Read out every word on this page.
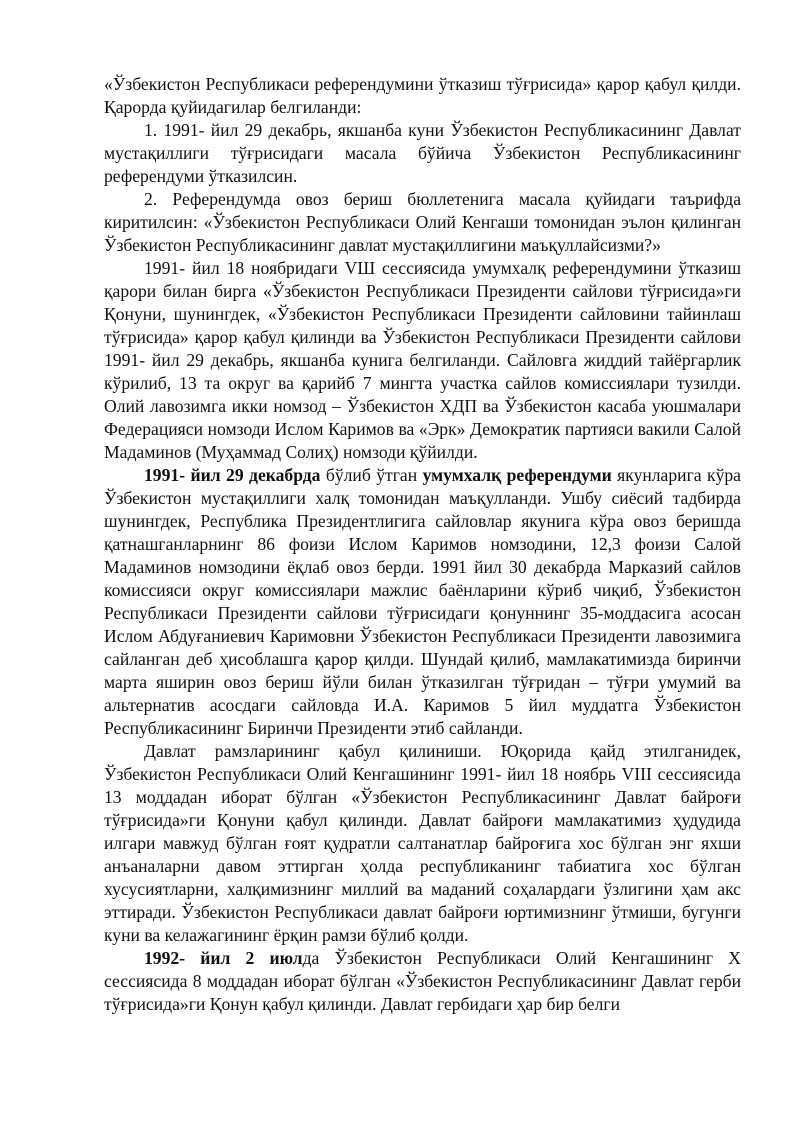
«Ўзбекистон Республикаси референдумини ўтказиш тўғрисида» қарор қабул қилди. Қарорда қуйидагилар белгиланди:

1. 1991- йил 29 декабрь, якшанба куни Ўзбекистон Республикасининг Давлат мустақиллиги тўғрисидаги масала бўйича Ўзбекистон Республикасининг референдуми ўтказилсин.

2. Референдумда овоз бериш бюллетенига масала қуйидаги таърифда киритилсин: «Ўзбекистон Республикаси Олий Кенгаши томонидан эълон қилинган Ўзбекистон Республикасининг давлат мустақиллигини маъқуллайсизми?»

1991- йил 18 ноябридаги VШ сессиясида умумхалқ референдумини ўтказиш қарори билан бирга «Ўзбекистон Республикаси Президенти сайлови тўғрисида»ги Қонуни, шунингдек, «Ўзбекистон Республикаси Президенти сайловини тайинлаш тўғрисида» қарор қабул қилинди ва Ўзбекистон Республикаси Президенти сайлови 1991- йил 29 декабрь, якшанба кунига белгиланди. Сайловга жиддий тайёргарлик кўрилиб, 13 та округ ва қарийб 7 мингта участка сайлов комиссиялари тузилди. Олий лавозимга икки номзод – Ўзбекистон ХДП ва Ўзбекистон касаба уюшмалари Федерацияси номзоди Ислом Каримов ва «Эрк» Демократик партияси вакили Салой Мадаминов (Муҳаммад Солиҳ) номзоди қўйилди.

1991- йил 29 декабрда бўлиб ўтган умумхалқ референдуми якунларига кўра Ўзбекистон мустақиллиги халқ томонидан маъқулланди. Ушбу сиёсий тадбирда шунингдек, Республика Президентлигига сайловлар якунига кўра овоз беришда қатнашганларнинг 86 фоизи Ислом Каримов номзодини, 12,3 фоизи Салой Мадаминов номзодини ёқлаб овоз берди. 1991 йил 30 декабрда Марказий сайлов комиссияси округ комиссиялари мажлис баёнларини кўриб чиқиб, Ўзбекистон Республикаси Президенти сайлови тўғрисидаги қонуннинг 35-моддасига асосан Ислом Абдуғаниевич Каримовни Ўзбекистон Республикаси Президенти лавозимига сайланган деб ҳисоблашга қарор қилди. Шундай қилиб, мамлакатимизда биринчи марта яширин овоз бериш йўли билан ўтказилган тўғридан – тўғри умумий ва альтернатив асосдаги сайловда И.А. Каримов 5 йил муддатга Ўзбекистон Республикасининг Биринчи Президенти этиб сайланди.

Давлат рамзларининг қабул қилиниши. Юқорида қайд этилганидек, Ўзбекистон Республикаси Олий Кенгашининг 1991- йил 18 ноябрь VIII сессиясида 13 моддадан иборат бўлган «Ўзбекистон Республикасининг Давлат байроғи тўғрисида»ги Қонуни қабул қилинди. Давлат байроғи мамлакатимиз ҳудудида илгари мавжуд бўлган ғоят қудратли салтанатлар байроғига хос бўлган энг яхши анъаналарни давом эттирган ҳолда республиканинг табиатига хос бўлган хусусиятларни, халқимизнинг миллий ва маданий соҳалардаги ўзлигини ҳам акс эттиради. Ўзбекистон Республикаси давлат байроғи юртимизнинг ўтмиши, бугунги куни ва келажагининг ёрқин рамзи бўлиб қолди.

1992- йил 2 июлда Ўзбекистон Республикаси Олий Кенгашининг X сессиясида 8 моддадан иборат бўлган «Ўзбекистон Республикасининг Давлат герби тўғрисида»ги Қонун қабул қилинди. Давлат гербидаги ҳар бир белги
